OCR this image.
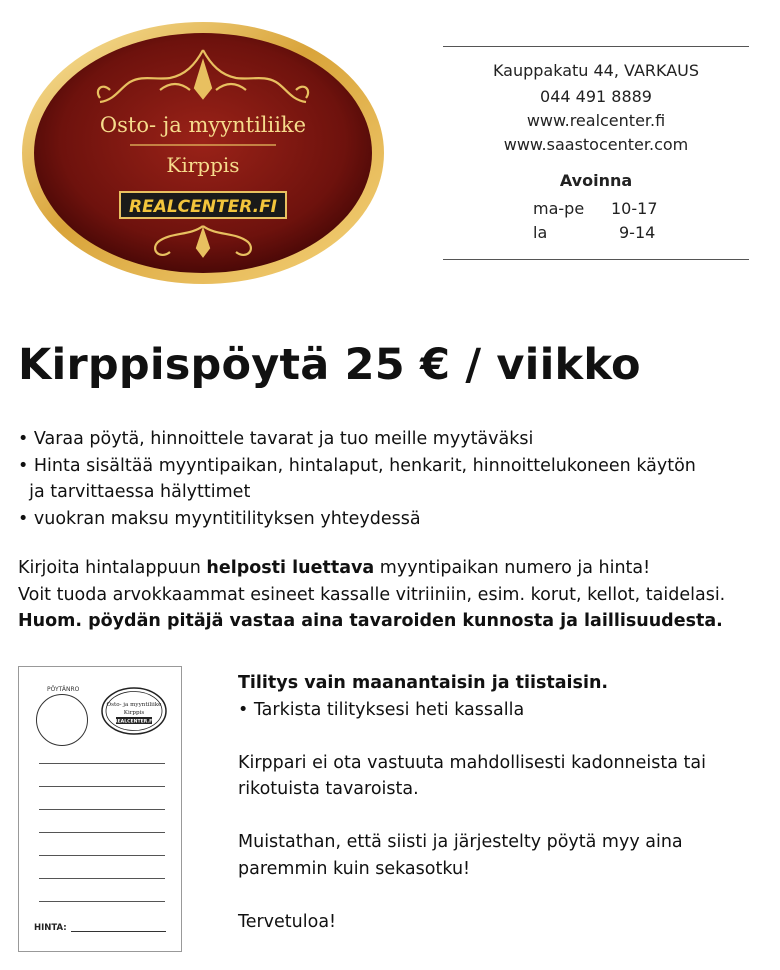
Osto- ja myyntiliike
Kirppis
REALCENTER.FI
Kauppakatu 44, VARKAUS
044 491 8889
www.realcenter.fi
www.saastocenter.com
Avoinna
ma-pe 10-17
la	9-14
Kirppispöytä 25 € / viikko
• Varaa pöytä, hinnoittele tavarat ja tuo meille myytäväksi
• Hinta sisältää myyntipaikan, hintalaput, henkarit, hinnoittelukoneen käytön
ja tarvittaessa hälyttimet
• vuokran maksu myyntitilityksen yhteydessä
Kirjoita hintalappuun helposti luettava myyntipaikan numero ja hinta!
Voit tuoda arvokkaammat esineet kassalle vitriiniin, esim. korut, kellot, taidelasi.
Huom. pöydän pitäjä vastaa aina tavaroiden kunnosta ja laillisuudesta.
PÖYTÄNRO
Osto- ja myyntiliike
Kirppis
REALCENTER.FI
HINTA:

Tilitys vain maanantaisin ja tiistaisin.

• Tarkista tilityksesi heti kassalla

Kirppari ei ota vastuuta mahdollisesti kadonneista tai

rikotuista tavaroista.

Muistathan, että siisti ja järjestelty pöytä myy aina

paremmin kuin sekasotku!

Tervetuloa!
